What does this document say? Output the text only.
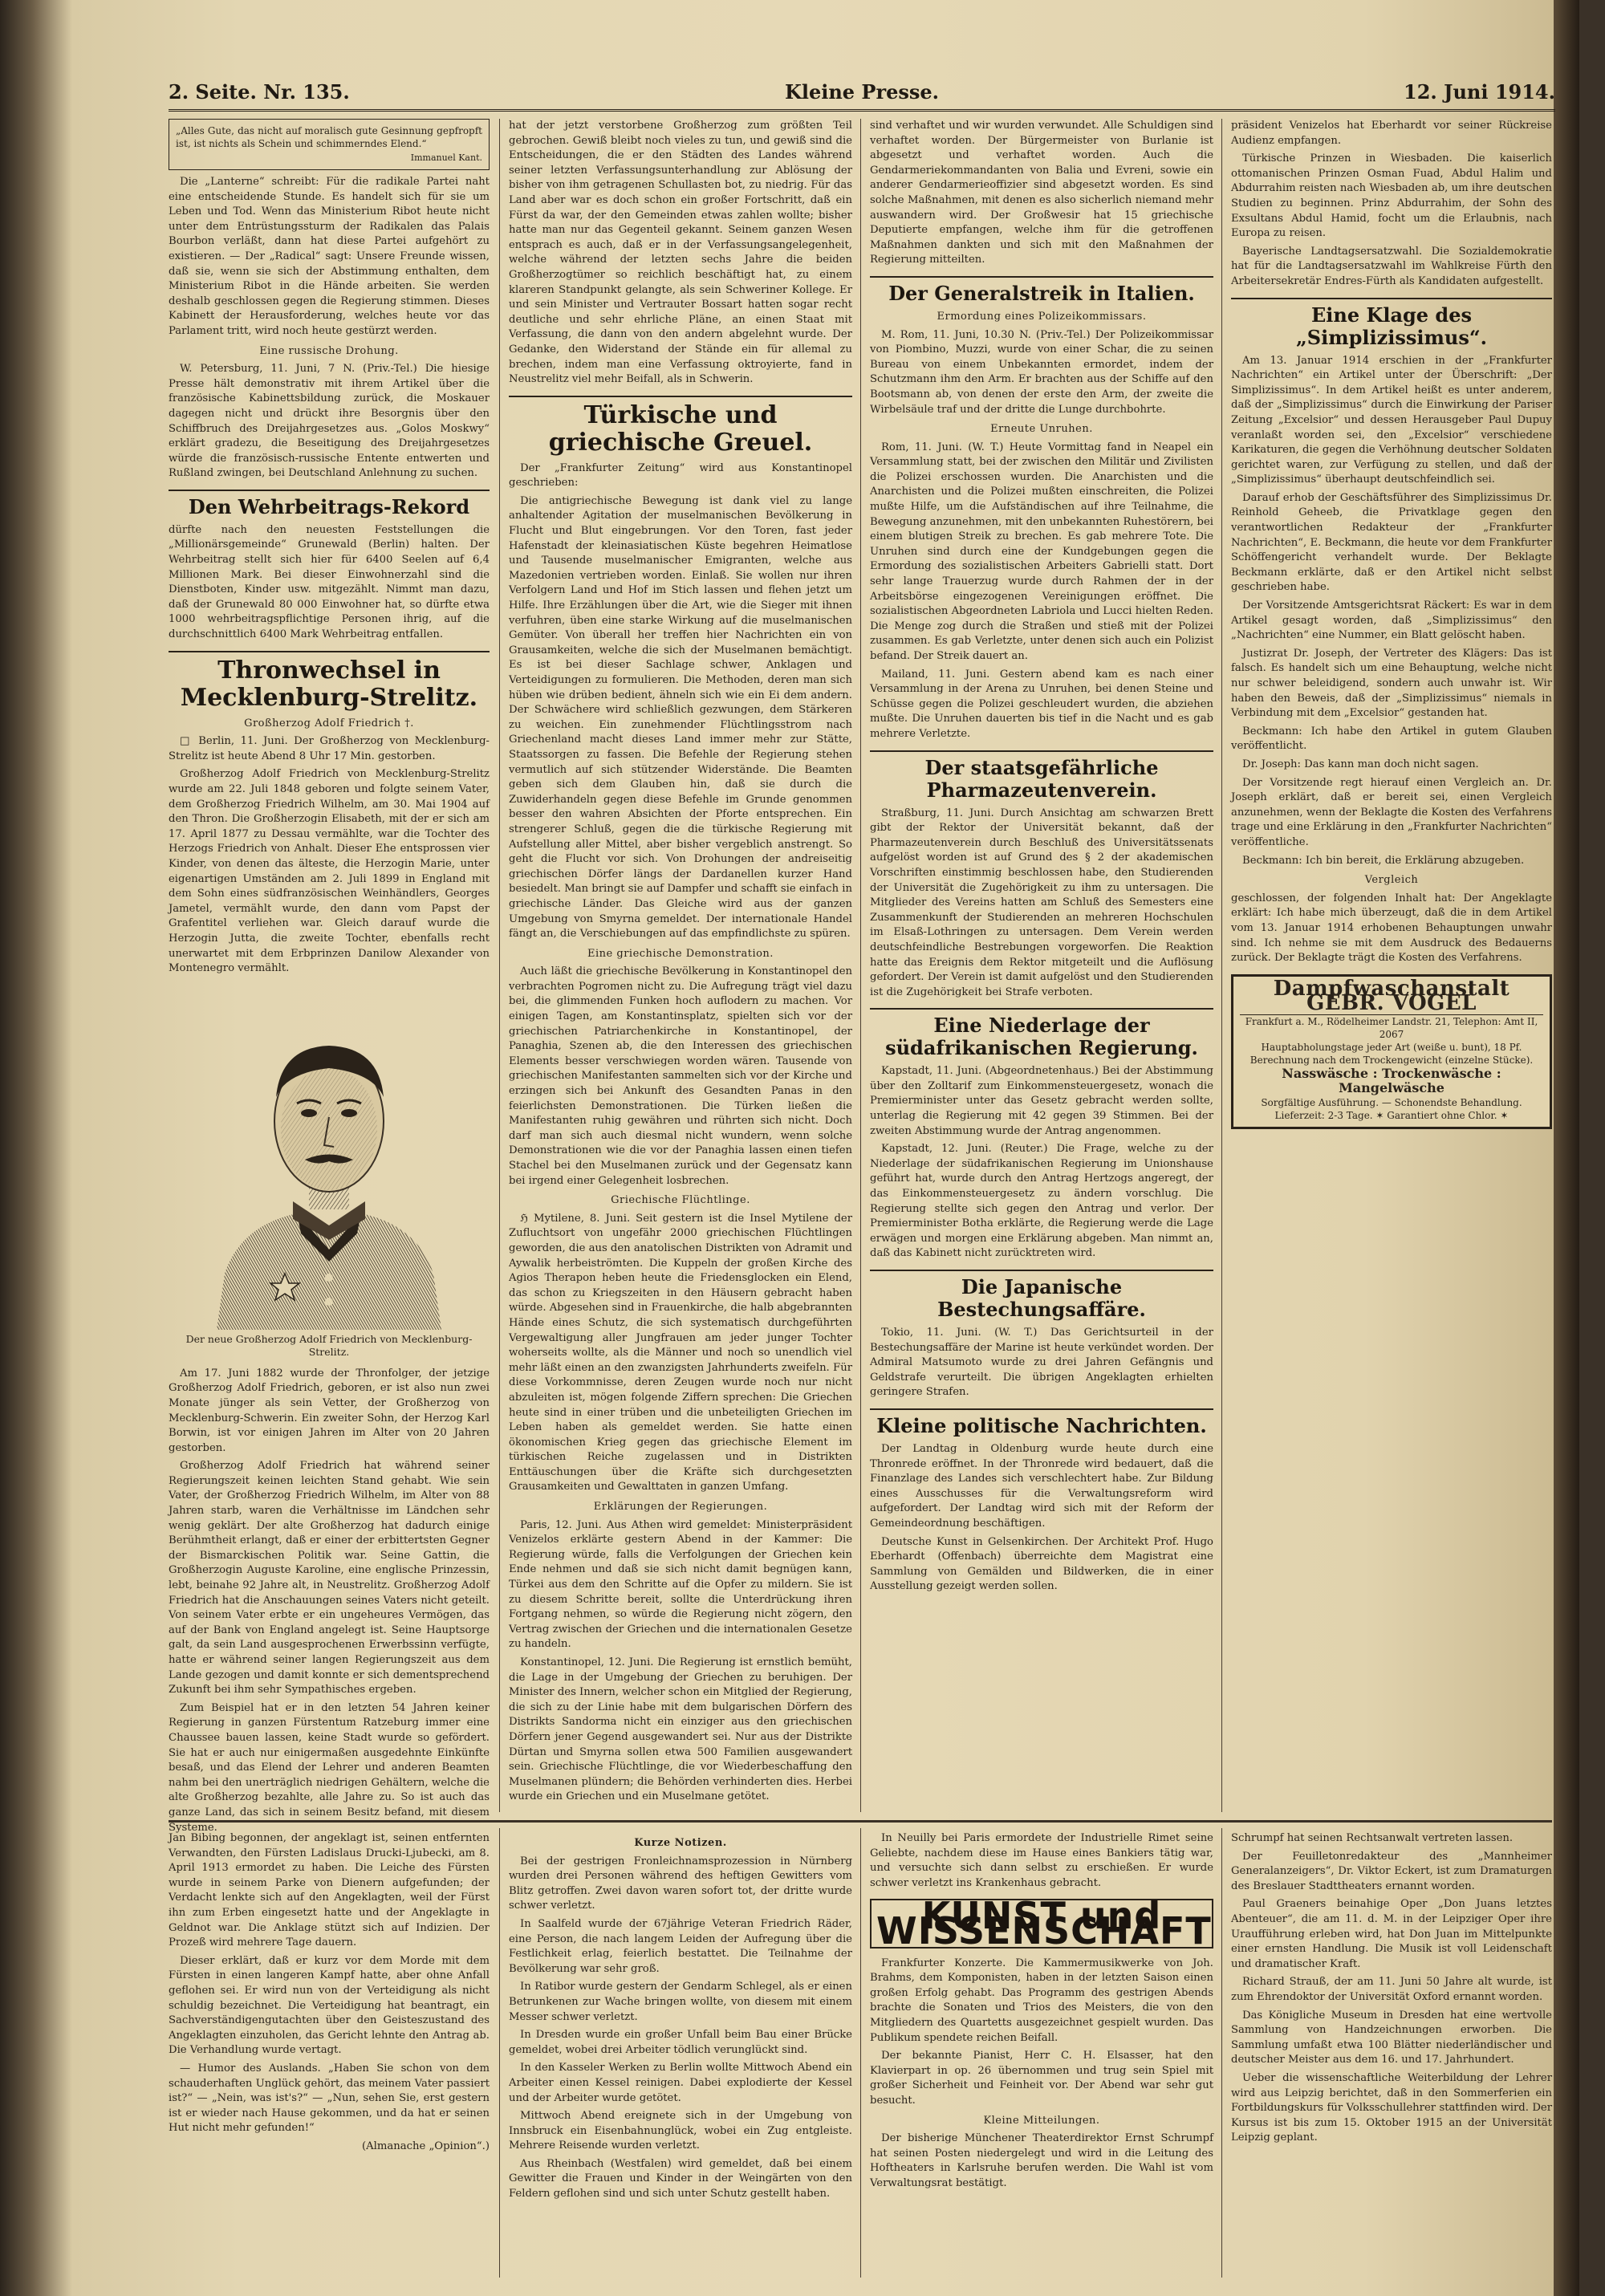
2. Seite. Nr. 135.	Kleine Presse.	12. Juni 1914.
„Alles Gute, das nicht auf moralisch gute Gesinnung gepfropft ist, ist nichts als Schein und schimmerndes Elend.“
Immanuel Kant.

Die „Lanterne“ schreibt: Für die radikale Partei naht eine entscheidende Stunde. Es handelt sich für sie um Leben und Tod. Wenn das Ministerium Ribot heute nicht unter dem Entrüstungssturm der Radikalen das Palais Bourbon verläßt, dann hat diese Partei aufgehört zu existieren. — Der „Radical“ sagt: Unsere Freunde wissen, daß sie, wenn sie sich der Abstimmung enthalten, dem Ministerium Ribot in die Hände arbeiten. Sie werden deshalb geschlossen gegen die Regierung stimmen. Dieses Kabinett der Herausforderung, welches heute vor das Parlament tritt, wird noch heute gestürzt werden.

Eine russische Drohung.

W. Petersburg, 11. Juni, 7 N. (Priv.-Tel.) Die hiesige Presse hält demonstrativ mit ihrem Artikel über die französische Kabinettsbildung zurück, die Moskauer dagegen nicht und drückt ihre Besorgnis über den Schiffbruch des Dreijahrgesetzes aus. „Golos Moskwy“ erklärt gradezu, die Beseitigung des Dreijahrgesetzes würde die französisch-russische Entente entwerten und Rußland zwingen, bei Deutschland Anlehnung zu suchen.

Den Wehrbeitrags-Rekord

dürfte nach den neuesten Feststellungen die „Millionärsgemeinde“ Grunewald (Berlin) halten. Der Wehrbeitrag stellt sich hier für 6400 Seelen auf 6,4 Millionen Mark. Bei dieser Einwohnerzahl sind die Dienstboten, Kinder usw. mitgezählt. Nimmt man dazu, daß der Grunewald 80 000 Einwohner hat, so dürfte etwa 1000 wehrbeitragspflichtige Personen ihrig, auf die durchschnittlich 6400 Mark Wehrbeitrag entfallen.

Thronwechsel in Mecklenburg-Strelitz.
Großherzog Adolf Friedrich †.

□ Berlin, 11. Juni. Der Großherzog von Mecklenburg-Strelitz ist heute Abend 8 Uhr 17 Min. gestorben.

Großherzog Adolf Friedrich von Mecklenburg-Strelitz wurde am 22. Juli 1848 geboren und folgte seinem Vater, dem Großherzog Friedrich Wilhelm, am 30. Mai 1904 auf den Thron. Die Großherzogin Elisabeth, mit der er sich am 17. April 1877 zu Dessau vermählte, war die Tochter des Herzogs Friedrich von Anhalt. Dieser Ehe entsprossen vier Kinder, von denen das älteste, die Herzogin Marie, unter eigenartigen Umständen am 2. Juli 1899 in England mit dem Sohn eines südfranzösischen Weinhändlers, Georges Jametel, vermählt wurde, den dann vom Papst der Grafentitel verliehen war. Gleich darauf wurde die Herzogin Jutta, die zweite Tochter, ebenfalls recht unerwartet mit dem Erbprinzen Danilow Alexander von Montenegro vermählt.

Der neue Großherzog Adolf Friedrich von Mecklenburg-Strelitz.

Am 17. Juni 1882 wurde der Thronfolger, der jetzige Großherzog Adolf Friedrich, geboren, er ist also nun zwei Monate jünger als sein Vetter, der Großherzog von Mecklenburg-Schwerin. Ein zweiter Sohn, der Herzog Karl Borwin, ist vor einigen Jahren im Alter von 20 Jahren gestorben.

Großherzog Adolf Friedrich hat während seiner Regierungszeit keinen leichten Stand gehabt. Wie sein Vater, der Großherzog Friedrich Wilhelm, im Alter von 88 Jahren starb, waren die Verhältnisse im Ländchen sehr wenig geklärt. Der alte Großherzog hat dadurch einige Berühmtheit erlangt, daß er einer der erbittertsten Gegner der Bismarckischen Politik war. Seine Gattin, die Großherzogin Auguste Karoline, eine englische Prinzessin, lebt, beinahe 92 Jahre alt, in Neustrelitz. Großherzog Adolf Friedrich hat die Anschauungen seines Vaters nicht geteilt. Von seinem Vater erbte er ein ungeheures Vermögen, das auf der Bank von England angelegt ist. Seine Hauptsorge galt, da sein Land ausgesprochenen Erwerbssinn verfügte, hatte er während seiner langen Regierungszeit aus dem Lande gezogen und damit konnte er sich dementsprechend Zukunft bei ihm sehr Sympathisches ergeben.

Zum Beispiel hat er in den letzten 54 Jahren keiner Regierung in ganzen Fürstentum Ratzeburg immer eine Chaussee bauen lassen, keine Stadt wurde so gefördert. Sie hat er auch nur einigermaßen ausgedehnte Einkünfte besaß, und das Elend der Lehrer und anderen Beamten nahm bei den unerträglich niedrigen Gehältern, welche die alte Großherzog bezahlte, alle Jahre zu. So ist auch das ganze Land, das sich in seinem Besitz befand, mit diesem Systeme.

hat der jetzt verstorbene Großherzog zum größten Teil gebrochen. Gewiß bleibt noch vieles zu tun, und gewiß sind die Entscheidungen, die er den Städten des Landes während seiner letzten Verfassungsunterhandlung zur Ablösung der bisher von ihm getragenen Schullasten bot, zu niedrig. Für das Land aber war es doch schon ein großer Fortschritt, daß ein Fürst da war, der den Gemeinden etwas zahlen wollte; bisher hatte man nur das Gegenteil gekannt. Seinem ganzen Wesen entsprach es auch, daß er in der Verfassungsangelegenheit, welche während der letzten sechs Jahre die beiden Großherzogtümer so reichlich beschäftigt hat, zu einem klareren Standpunkt gelangte, als sein Schweriner Kollege. Er und sein Minister und Vertrauter Bossart hatten sogar recht deutliche und sehr ehrliche Pläne, an einen Staat mit Verfassung, die dann von den andern abgelehnt wurde. Der Gedanke, den Widerstand der Stände ein für allemal zu brechen, indem man eine Verfassung oktroyierte, fand in Neustrelitz viel mehr Beifall, als in Schwerin.

Türkische und griechische Greuel.

Der „Frankfurter Zeitung“ wird aus Konstantinopel geschrieben:

Die antigriechische Bewegung ist dank viel zu lange anhaltender Agitation der muselmanischen Bevölkerung in Flucht und Blut eingebrungen. Vor den Toren, fast jeder Hafenstadt der kleinasiatischen Küste begehren Heimatlose und Tausende muselmanischer Emigranten, welche aus Mazedonien vertrieben worden. Einlaß. Sie wollen nur ihren Verfolgern Land und Hof im Stich lassen und flehen jetzt um Hilfe. Ihre Erzählungen über die Art, wie die Sieger mit ihnen verfuhren, üben eine starke Wirkung auf die muselmanischen Gemüter. Von überall her treffen hier Nachrichten ein von Grausamkeiten, welche die sich der Muselmanen bemächtigt. Es ist bei dieser Sachlage schwer, Anklagen und Verteidigungen zu formulieren. Die Methoden, deren man sich hüben wie drüben bedient, ähneln sich wie ein Ei dem andern. Der Schwächere wird schließlich gezwungen, dem Stärkeren zu weichen. Ein zunehmender Flüchtlingsstrom nach Griechenland macht dieses Land immer mehr zur Stätte, Staatssorgen zu fassen. Die Befehle der Regierung stehen vermutlich auf sich stützender Widerstände. Die Beamten geben sich dem Glauben hin, daß sie durch die Zuwiderhandeln gegen diese Befehle im Grunde genommen besser den wahren Absichten der Pforte entsprechen. Ein strengerer Schluß, gegen die die türkische Regierung mit Aufstellung aller Mittel, aber bisher vergeblich anstrengt. So geht die Flucht vor sich. Von Drohungen der andreiseitig griechischen Dörfer längs der Dardanellen kurzer Hand besiedelt. Man bringt sie auf Dampfer und schafft sie einfach in griechische Länder. Das Gleiche wird aus der ganzen Umgebung von Smyrna gemeldet. Der internationale Handel fängt an, die Verschiebungen auf das empfindlichste zu spüren.

Eine griechische Demonstration.

Auch läßt die griechische Bevölkerung in Konstantinopel den verbrachten Pogromen nicht zu. Die Aufregung trägt viel dazu bei, die glimmenden Funken hoch auflodern zu machen. Vor einigen Tagen, am Konstantinsplatz, spielten sich vor der griechischen Patriarchenkirche in Konstantinopel, der Panaghia, Szenen ab, die den Interessen des griechischen Elements besser verschwiegen worden wären. Tausende von griechischen Manifestanten sammelten sich vor der Kirche und erzingen sich bei Ankunft des Gesandten Panas in den feierlichsten Demonstrationen. Die Türken ließen die Manifestanten ruhig gewähren und rührten sich nicht. Doch darf man sich auch diesmal nicht wundern, wenn solche Demonstrationen wie die vor der Panaghia lassen einen tiefen Stachel bei den Muselmanen zurück und der Gegensatz kann bei irgend einer Gelegenheit losbrechen.

Griechische Flüchtlinge.

ℌ Mytilene, 8. Juni. Seit gestern ist die Insel Mytilene der Zufluchtsort von ungefähr 2000 griechischen Flüchtlingen geworden, die aus den anatolischen Distrikten von Adramit und Aywalik herbeiströmten. Die Kuppeln der großen Kirche des Agios Therapon heben heute die Friedensglocken ein Elend, das schon zu Kriegszeiten in den Häusern gebracht haben würde. Abgesehen sind in Frauenkirche, die halb abgebrannten Hände eines Schutz, die sich systematisch durchgeführten Vergewaltigung aller Jungfrauen am jeder junger Tochter woherseits wollte, als die Männer und noch so unendlich viel mehr läßt einen an den zwanzigsten Jahrhunderts zweifeln. Für diese Vorkommnisse, deren Zeugen wurde noch nur nicht abzuleiten ist, mögen folgende Ziffern sprechen: Die Griechen heute sind in einer trüben und die unbeteiligten Griechen im Leben haben als gemeldet werden. Sie hatte einen ökonomischen Krieg gegen das griechische Element im türkischen Reiche zugelassen und in Distrikten Enttäuschungen über die Kräfte sich durchgesetzten Grausamkeiten und Gewalttaten in ganzen Umfang.

Erklärungen der Regierungen.

Paris, 12. Juni. Aus Athen wird gemeldet: Ministerpräsident Venizelos erklärte gestern Abend in der Kammer: Die Regierung würde, falls die Verfolgungen der Griechen kein Ende nehmen und daß sie sich nicht damit begnügen kann, Türkei aus dem den Schritte auf die Opfer zu mildern. Sie ist zu diesem Schritte bereit, sollte die Unterdrückung ihren Fortgang nehmen, so würde die Regierung nicht zögern, den Vertrag zwischen der Griechen und die internationalen Gesetze zu handeln.

Konstantinopel, 12. Juni. Die Regierung ist ernstlich bemüht, die Lage in der Umgebung der Griechen zu beruhigen. Der Minister des Innern, welcher schon ein Mitglied der Regierung, die sich zu der Linie habe mit dem bulgarischen Dörfern des Distrikts Sandorma nicht ein einziger aus den griechischen Dörfern jener Gegend ausgewandert sei. Nur aus der Distrikte Dürtan und Smyrna sollen etwa 500 Familien ausgewandert sein. Griechische Flüchtlinge, die vor Wiederbeschaffung den Muselmanen plündern; die Behörden verhinderten dies. Herbei wurde ein Griechen und ein Muselmane getötet.

sind verhaftet und wir wurden verwundet. Alle Schuldigen sind verhaftet worden. Der Bürgermeister von Burlanie ist abgesetzt und verhaftet worden. Auch die Gendarmeriekommandanten von Balia und Evreni, sowie ein anderer Gendarmerieoffizier sind abgesetzt worden. Es sind solche Maßnahmen, mit denen es also sicherlich niemand mehr auswandern wird. Der Großwesir hat 15 griechische Deputierte empfangen, welche ihm für die getroffenen Maßnahmen dankten und sich mit den Maßnahmen der Regierung mitteilten.

Der Generalstreik in Italien.
Ermordung eines Polizeikommissars.

M. Rom, 11. Juni, 10.30 N. (Priv.-Tel.) Der Polizeikommissar von Piombino, Muzzi, wurde von einer Schar, die zu seinen Bureau von einem Unbekannten ermordet, indem der Schutzmann ihm den Arm. Er brachten aus der Schiffe auf den Bootsmann ab, von denen der erste den Arm, der zweite die Wirbelsäule traf und der dritte die Lunge durchbohrte.

Erneute Unruhen.

Rom, 11. Juni. (W. T.) Heute Vormittag fand in Neapel ein Versammlung statt, bei der zwischen den Militär und Zivilisten die Polizei erschossen wurden. Die Anarchisten und die Anarchisten und die Polizei mußten einschreiten, die Polizei mußte Hilfe, um die Aufständischen auf ihre Teilnahme, die Bewegung anzunehmen, mit den unbekannten Ruhestörern, bei einem blutigen Streik zu brechen. Es gab mehrere Tote. Die Unruhen sind durch eine der Kundgebungen gegen die Ermordung des sozialistischen Arbeiters Gabrielli statt. Dort sehr lange Trauerzug wurde durch Rahmen der in der Arbeitsbörse eingezogenen Vereinigungen eröffnet. Die sozialistischen Abgeordneten Labriola und Lucci hielten Reden. Die Menge zog durch die Straßen und stieß mit der Polizei zusammen. Es gab Verletzte, unter denen sich auch ein Polizist befand. Der Streik dauert an.

Mailand, 11. Juni. Gestern abend kam es nach einer Versammlung in der Arena zu Unruhen, bei denen Steine und Schüsse gegen die Polizei geschleudert wurden, die abziehen mußte. Die Unruhen dauerten bis tief in die Nacht und es gab mehrere Verletzte.

Der staatsgefährliche Pharmazeutenverein.

Straßburg, 11. Juni. Durch Ansichtag am schwarzen Brett gibt der Rektor der Universität bekannt, daß der Pharmazeutenverein durch Beschluß des Universitätssenats aufgelöst worden ist auf Grund des § 2 der akademischen Vorschriften einstimmig beschlossen habe, den Studierenden der Universität die Zugehörigkeit zu ihm zu untersagen. Die Mitglieder des Vereins hatten am Schluß des Semesters eine Zusammenkunft der Studierenden an mehreren Hochschulen im Elsaß-Lothringen zu untersagen. Dem Verein werden deutschfeindliche Bestrebungen vorgeworfen. Die Reaktion hatte das Ereignis dem Rektor mitgeteilt und die Auflösung gefordert. Der Verein ist damit aufgelöst und den Studierenden ist die Zugehörigkeit bei Strafe verboten.

Eine Niederlage der südafrikanischen Regierung.

Kapstadt, 11. Juni. (Abgeordnetenhaus.) Bei der Abstimmung über den Zolltarif zum Einkommensteuergesetz, wonach die Premierminister unter das Gesetz gebracht werden sollte, unterlag die Regierung mit 42 gegen 39 Stimmen. Bei der zweiten Abstimmung wurde der Antrag angenommen.

Kapstadt, 12. Juni. (Reuter.) Die Frage, welche zu der Niederlage der südafrikanischen Regierung im Unionshause geführt hat, wurde durch den Antrag Hertzogs angeregt, der das Einkommensteuergesetz zu ändern vorschlug. Die Regierung stellte sich gegen den Antrag und verlor. Der Premierminister Botha erklärte, die Regierung werde die Lage erwägen und morgen eine Erklärung abgeben. Man nimmt an, daß das Kabinett nicht zurücktreten wird.

Die Japanische Bestechungsaffäre.

Tokio, 11. Juni. (W. T.) Das Gerichtsurteil in der Bestechungsaffäre der Marine ist heute verkündet worden. Der Admiral Matsumoto wurde zu drei Jahren Gefängnis und Geldstrafe verurteilt. Die übrigen Angeklagten erhielten geringere Strafen.

Kleine politische Nachrichten.

Der Landtag in Oldenburg wurde heute durch eine Thronrede eröffnet. In der Thronrede wird bedauert, daß die Finanzlage des Landes sich verschlechtert habe. Zur Bildung eines Ausschusses für die Verwaltungsreform wird aufgefordert. Der Landtag wird sich mit der Reform der Gemeindeordnung beschäftigen.

Deutsche Kunst in Gelsenkirchen. Der Architekt Prof. Hugo Eberhardt (Offenbach) überreichte dem Magistrat eine Sammlung von Gemälden und Bildwerken, die in einer Ausstellung gezeigt werden sollen.

präsident Venizelos hat Eberhardt vor seiner Rückreise Audienz empfangen.

Türkische Prinzen in Wiesbaden. Die kaiserlich ottomanischen Prinzen Osman Fuad, Abdul Halim und Abdurrahim reisten nach Wiesbaden ab, um ihre deutschen Studien zu beginnen. Prinz Abdurrahim, der Sohn des Exsultans Abdul Hamid, focht um die Erlaubnis, nach Europa zu reisen.

Bayerische Landtagsersatzwahl. Die Sozialdemokratie hat für die Landtagsersatzwahl im Wahlkreise Fürth den Arbeitersekretär Endres-Fürth als Kandidaten aufgestellt.

Eine Klage des „Simplizissimus“.

Am 13. Januar 1914 erschien in der „Frankfurter Nachrichten“ ein Artikel unter der Überschrift: „Der Simplizissimus“. In dem Artikel heißt es unter anderem, daß der „Simplizissimus“ durch die Einwirkung der Pariser Zeitung „Excelsior“ und dessen Herausgeber Paul Dupuy veranlaßt worden sei, den „Excelsior“ verschiedene Karikaturen, die gegen die Verhöhnung deutscher Soldaten gerichtet waren, zur Verfügung zu stellen, und daß der „Simplizissimus“ überhaupt deutschfeindlich sei.

Darauf erhob der Geschäftsführer des Simplizissimus Dr. Reinhold Geheeb, die Privatklage gegen den verantwortlichen Redakteur der „Frankfurter Nachrichten“, E. Beckmann, die heute vor dem Frankfurter Schöffengericht verhandelt wurde. Der Beklagte Beckmann erklärte, daß er den Artikel nicht selbst geschrieben habe.

Der Vorsitzende Amtsgerichtsrat Räckert: Es war in dem Artikel gesagt worden, daß „Simplizissimus“ den „Nachrichten“ eine Nummer, ein Blatt gelöscht haben.

Justizrat Dr. Joseph, der Vertreter des Klägers: Das ist falsch. Es handelt sich um eine Behauptung, welche nicht nur schwer beleidigend, sondern auch unwahr ist. Wir haben den Beweis, daß der „Simplizissimus“ niemals in Verbindung mit dem „Excelsior“ gestanden hat.

Beckmann: Ich habe den Artikel in gutem Glauben veröffentlicht.

Dr. Joseph: Das kann man doch nicht sagen.

Der Vorsitzende regt hierauf einen Vergleich an. Dr. Joseph erklärt, daß er bereit sei, einen Vergleich anzunehmen, wenn der Beklagte die Kosten des Verfahrens trage und eine Erklärung in den „Frankfurter Nachrichten“ veröffentliche.

Beckmann: Ich bin bereit, die Erklärung abzugeben.

Vergleich

geschlossen, der folgenden Inhalt hat: Der Angeklagte erklärt: Ich habe mich überzeugt, daß die in dem Artikel vom 13. Januar 1914 erhobenen Behauptungen unwahr sind. Ich nehme sie mit dem Ausdruck des Bedauerns zurück. Der Beklagte trägt die Kosten des Verfahrens.

Dampfwaschanstalt GEBR. VOGEL
Frankfurt a. M., Rödelheimer Landstr. 21, Telephon: Amt II, 2067
Hauptabholungstage jeder Art (weiße u. bunt), 18 Pf.
Berechnung nach dem Trockengewicht (einzelne Stücke).
Nasswäsche : Trockenwäsche : Mangelwäsche
Sorgfältige Ausführung. — Schonendste Behandlung.
Lieferzeit: 2-3 Tage. ✶ Garantiert ohne Chlor. ✶

Jan Bibing begonnen, der angeklagt ist, seinen entfernten Verwandten, den Fürsten Ladislaus Drucki-Ljubecki, am 8. April 1913 ermordet zu haben. Die Leiche des Fürsten wurde in seinem Parke von Dienern aufgefunden; der Verdacht lenkte sich auf den Angeklagten, weil der Fürst ihn zum Erben eingesetzt hatte und der Angeklagte in Geldnot war. Die Anklage stützt sich auf Indizien. Der Prozeß wird mehrere Tage dauern.

Dieser erklärt, daß er kurz vor dem Morde mit dem Fürsten in einen langeren Kampf hatte, aber ohne Anfall geflohen sei. Er wird nun von der Verteidigung als nicht schuldig bezeichnet. Die Verteidigung hat beantragt, ein Sachverständigengutachten über den Geisteszustand des Angeklagten einzuholen, das Gericht lehnte den Antrag ab. Die Verhandlung wurde vertagt.

— Humor des Auslands. „Haben Sie schon von dem schauderhaften Unglück gehört, das meinem Vater passiert ist?“ — „Nein, was ist's?“ — „Nun, sehen Sie, erst gestern ist er wieder nach Hause gekommen, und da hat er seinen Hut nicht mehr gefunden!“

(Almanache „Opinion“.)

Kurze Notizen.

Bei der gestrigen Fronleichnamsprozession in Nürnberg wurden drei Personen während des heftigen Gewitters vom Blitz getroffen. Zwei davon waren sofort tot, der dritte wurde schwer verletzt.

In Saalfeld wurde der 67jährige Veteran Friedrich Räder, eine Person, die nach langem Leiden der Aufregung über die Festlichkeit erlag, feierlich bestattet. Die Teilnahme der Bevölkerung war sehr groß.

In Ratibor wurde gestern der Gendarm Schlegel, als er einen Betrunkenen zur Wache bringen wollte, von diesem mit einem Messer schwer verletzt.

In Dresden wurde ein großer Unfall beim Bau einer Brücke gemeldet, wobei drei Arbeiter tödlich verunglückt sind.

In den Kasseler Werken zu Berlin wollte Mittwoch Abend ein Arbeiter einen Kessel reinigen. Dabei explodierte der Kessel und der Arbeiter wurde getötet.

Mittwoch Abend ereignete sich in der Umgebung von Innsbruck ein Eisenbahnunglück, wobei ein Zug entgleiste. Mehrere Reisende wurden verletzt.

Aus Rheinbach (Westfalen) wird gemeldet, daß bei einem Gewitter die Frauen und Kinder in der Weingärten von den Feldern geflohen sind und sich unter Schutz gestellt haben.

In Neuilly bei Paris ermordete der Industrielle Rimet seine Geliebte, nachdem diese im Hause eines Bankiers tätig war, und versuchte sich dann selbst zu erschießen. Er wurde schwer verletzt ins Krankenhaus gebracht.

KUNST und WISSENSCHAFT

Frankfurter Konzerte. Die Kammermusikwerke von Joh. Brahms, dem Komponisten, haben in der letzten Saison einen großen Erfolg gehabt. Das Programm des gestrigen Abends brachte die Sonaten und Trios des Meisters, die von den Mitgliedern des Quartetts ausgezeichnet gespielt wurden. Das Publikum spendete reichen Beifall.

Der bekannte Pianist, Herr C. H. Elsasser, hat den Klavierpart in op. 26 übernommen und trug sein Spiel mit großer Sicherheit und Feinheit vor. Der Abend war sehr gut besucht.

Kleine Mitteilungen.

Der bisherige Münchener Theaterdirektor Ernst Schrumpf hat seinen Posten niedergelegt und wird in die Leitung des Hoftheaters in Karlsruhe berufen werden. Die Wahl ist vom Verwaltungsrat bestätigt.

Schrumpf hat seinen Rechtsanwalt vertreten lassen.

Der Feuilletonredakteur des „Mannheimer Generalanzeigers“, Dr. Viktor Eckert, ist zum Dramaturgen des Breslauer Stadttheaters ernannt worden.

Paul Graeners beinahige Oper „Don Juans letztes Abenteuer“, die am 11. d. M. in der Leipziger Oper ihre Uraufführung erleben wird, hat Don Juan im Mittelpunkte einer ernsten Handlung. Die Musik ist voll Leidenschaft und dramatischer Kraft.

Richard Strauß, der am 11. Juni 50 Jahre alt wurde, ist zum Ehrendoktor der Universität Oxford ernannt worden.

Das Königliche Museum in Dresden hat eine wertvolle Sammlung von Handzeichnungen erworben. Die Sammlung umfaßt etwa 100 Blätter niederländischer und deutscher Meister aus dem 16. und 17. Jahrhundert.

Ueber die wissenschaftliche Weiterbildung der Lehrer wird aus Leipzig berichtet, daß in den Sommerferien ein Fortbildungskurs für Volksschullehrer stattfinden wird. Der Kursus ist bis zum 15. Oktober 1915 an der Universität Leipzig geplant.
